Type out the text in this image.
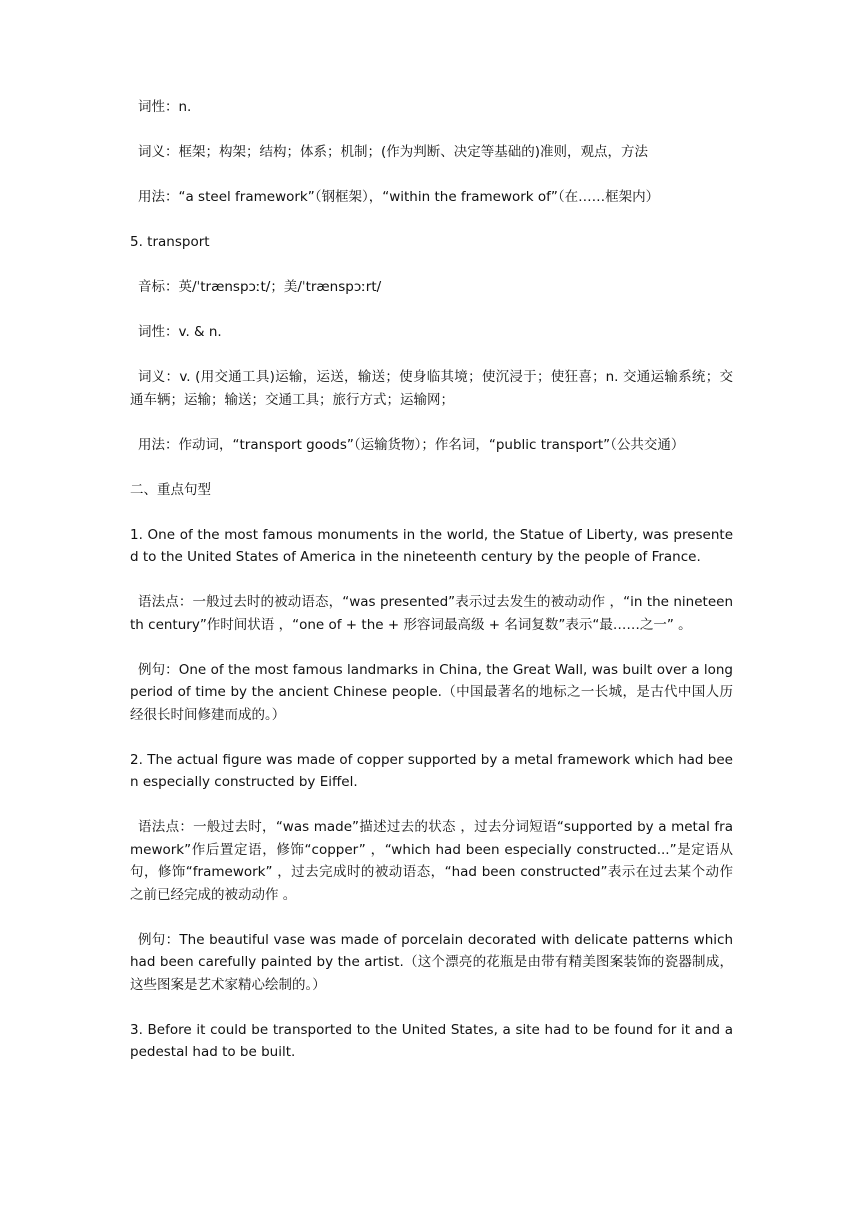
词性：n.

词义：框架；构架；结构；体系；机制；(作为判断、决定等基础的)准则，观点，方法

用法：“a steel framework”（钢框架），“within the framework of”（在……框架内）

5. transport

音标：英/ˈtrænspɔːt/；美/ˈtrænspɔːrt/

词性：v. & n.

词义：v. (用交通工具)运输，运送，输送；使身临其境；使沉浸于；使狂喜；n. 交通运输系统；交通车辆；运输；输送；交通工具；旅行方式；运输网；

用法：作动词，“transport goods”（运输货物）；作名词，“public transport”（公共交通）

二、重点句型

1. One of the most famous monuments in the world, the Statue of Liberty, was presented to the United States of America in the nineteenth century by the people of France.

语法点：一般过去时的被动语态，“was presented”表示过去发生的被动动作 ，“in the nineteenth century”作时间状语 ，“one of + the + 形容词最高级 + 名词复数”表示“最……之一” 。

例句：One of the most famous landmarks in China, the Great Wall, was built over a long period of time by the ancient Chinese people.（中国最著名的地标之一长城，是古代中国人历经很长时间修建而成的。）

2. The actual figure was made of copper supported by a metal framework which had been especially constructed by Eiffel.

语法点：一般过去时，“was made”描述过去的状态 ，过去分词短语“supported by a metal framework”作后置定语，修饰“copper” ，“which had been especially constructed...”是定语从句，修饰“framework” ，过去完成时的被动语态，“had been constructed”表示在过去某个动作之前已经完成的被动动作 。

例句：The beautiful vase was made of porcelain decorated with delicate patterns which had been carefully painted by the artist.（这个漂亮的花瓶是由带有精美图案装饰的瓷器制成，这些图案是艺术家精心绘制的。）

3. Before it could be transported to the United States, a site had to be found for it and a pedestal had to be built.
